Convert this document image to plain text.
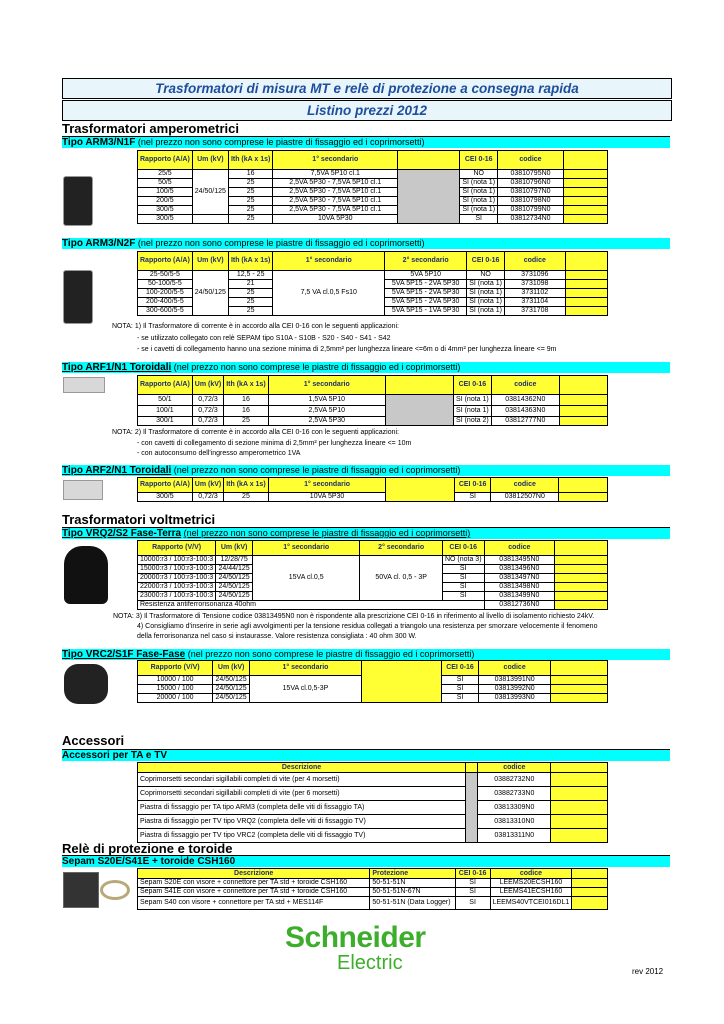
Trasformatori di misura MT e relè di protezione a consegna rapida
Listino prezzi 2012
Trasformatori amperometrici
Tipo ARM3/N1F (nel prezzo non sono comprese le piastre di fissaggio ed i coprimorsetti)
Rapporto (A/A)	Um (kV)	Ith (kA x 1s)	1° secondario		CEI 0-16	codice	
25/5	24/50/125	16	7,5VA 5P10 cl.1		NO	03810795N0	
50/5		25	2,5VA 5P30 - 7,5VA 5P10 cl.1		SI (nota 1)	03810796N0	
100/5		25	2,5VA 5P30 - 7,5VA 5P10 cl.1		SI (nota 1)	03810797N0	
200/5		25	2,5VA 5P30 - 7,5VA 5P10 cl.1		SI (nota 1)	03810798N0	
300/5		25	2,5VA 5P30 - 7,5VA 5P10 cl.1		SI (nota 1)	03810799N0	
300/5		25	10VA 5P30		SI	03812734N0	
Tipo ARM3/N2F (nel prezzo non sono comprese le piastre di fissaggio ed i coprimorsetti)
Rapporto (A/A)	Um (kV)	Ith (kA x 1s)	1° secondario	2° secondario	CEI 0-16	codice	
25-50/5-5	24/50/125	12,5 - 25	7,5 VA cl.0,5 Fs10	5VA 5P10	NO	3731096	
50-100/5-5		21		5VA 5P15 - 2VA 5P30	SI (nota 1)	3731098	
100-200/5-5		25		5VA 5P15 - 2VA 5P30	SI (nota 1)	3731102	
200-400/5-5		25		5VA 5P15 - 2VA 5P30	SI (nota 1)	3731104	
300-600/5-5		25		5VA 5P15 - 1VA 5P30	SI (nota 1)	3731708	
NOTA: 1) Il Trasformatore di corrente è in accordo alla CEI 0-16 con le seguenti applicazioni:
- se utilizzato collegato con relè SEPAM tipo S10A - S10B - S20 - S40 - S41 - S42
- se i cavetti di collegamento hanno una sezione minima di 2,5mm² per lunghezza lineare <=6m o di 4mm² per lunghezza lineare <= 9m
Tipo ARF1/N1 Toroidali (nel prezzo non sono comprese le piastre di fissaggio ed i coprimorsetti)
Rapporto (A/A)	Um (kV)	Ith (kA x 1s)	1° secondario		CEI 0-16	codice	
50/1	0,72/3	16	1,5VA 5P10		SI (nota 1)	03814362N0	
100/1	0,72/3	16	2,5VA 5P10		SI (nota 1)	03814363N0	
300/1	0,72/3	25	2,5VA 5P30		SI (nota 2)	03812777N0	
NOTA: 2) Il Trasformatore di corrente è in accordo alla CEI 0-16 con le seguenti applicazioni:
- con cavetti di collegamento di sezione minima di 2,5mm² per lunghezza lineare <= 10m
- con autoconsumo dell'ingresso amperometrico 1VA
Tipo ARF2/N1 Toroidali (nel prezzo non sono comprese le piastre di fissaggio ed i coprimorsetti)
Rapporto (A/A)	Um (kV)	Ith (kA x 1s)	1° secondario		CEI 0-16	codice	
300/5	0,72/3	25	10VA 5P30		SI	03812507N0	
Trasformatori voltmetrici
Tipo VRQ2/S2 Fase-Terra (nel prezzo non sono comprese le piastre di fissaggio ed i coprimorsetti)
Rapporto (V/V)	Um (kV)	1° secondario	2° secondario	CEI 0-16	codice	
10000:r3 / 100:r3-100:3	12/28/75	15VA cl.0,5	50VA cl. 0,5 - 3P	NO (nota 3)	03813495N0	
15000:r3 / 100:r3-100:3	24/44/125			SI	03813496N0	
20000:r3 / 100:r3-100:3	24/50/125			SI	03813497N0	
22000:r3 / 100:r3-100:3	24/50/125			SI	03813498N0	
23000:r3 / 100:r3-100:3	24/50/125			SI	03813499N0	
Resistenza antiferrorisonanza 40ohm					03812736N0	
NOTA: 3) Il Trasformatore di Tensione codice 03813495N0 non è rispondente alla prescrizione CEI 0-16 in riferimento al livello di isolamento richiesto 24kV.
4) Consigliamo d'inserire in serie agli avvolgimenti per la tensione residua collegati a triangolo una resistenza per smorzare velocemente il fenomeno
della ferrorisonanza nel caso si instaurasse. Valore resistenza consigliata : 40 ohm 300 W.
Tipo VRC2/S1F Fase-Fase (nel prezzo non sono comprese le piastre di fissaggio ed i coprimorsetti)
Rapporto (V/V)	Um (kV)	1° secondario		CEI 0-16	codice	
10000 / 100	24/50/125	15VA cl.0,5-3P		SI	03813991N0	
15000 / 100	24/50/125			SI	03813992N0	
20000 / 100	24/50/125			SI	03813993N0	
Accessori
Accessori per TA e TV
Descrizione		codice	
Coprimorsetti secondari sigillabili completi di vite (per 4 morsetti)		03882732N0	
Coprimorsetti secondari sigillabili completi di vite (per 6 morsetti)		03882733N0	
Piastra di fissaggio per TA tipo ARM3 (completa delle viti di fissaggio TA)		03813309N0	
Piastra di fissaggio per TV tipo VRQ2 (completa delle viti di fissaggio TV)		03813310N0	
Piastra di fissaggio per TV tipo VRC2 (completa delle viti di fissaggio TV)		03813311N0	
Relè di protezione e toroide
Sepam S20E/S41E + toroide CSH160
Descrizione	Protezione	CEI 0-16	codice	
Sepam S20E con visore + connettore per TA std + toroide CSH160	50-51-51N	SI	LEEMS20ECSH160	
Sepam S41E con visore + connettore per TA std + toroide CSH160	50-51-51N-67N	SI	LEEMS41ECSH160	
Sepam S40 con visore + connettore per TA std + MES114F	50-51-51N (Data Logger)	SI	LEEMS40VTCEI016DL1	
Schneider
Electric	rev 2012
